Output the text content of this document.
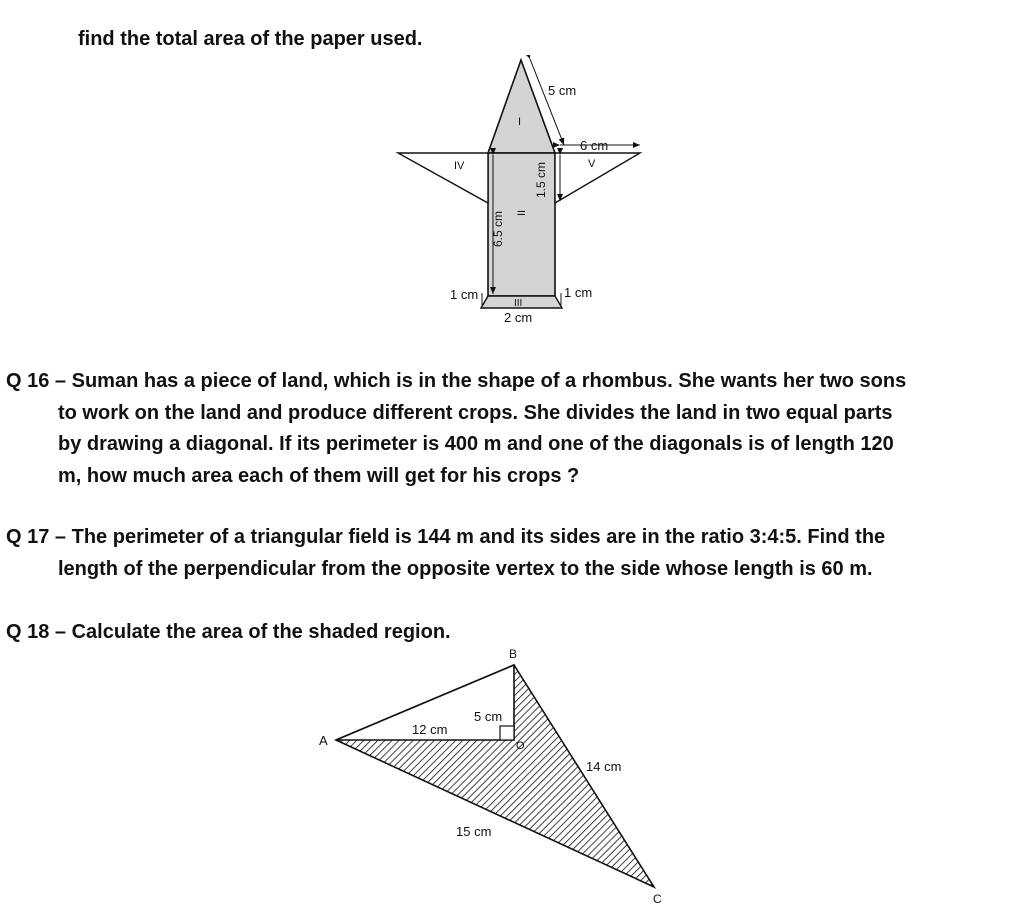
find the total area of the paper used.
5 cm
6 cm
I
IV	V
II
6.5 cm
1.5 cm
1 cm	1 cm
III
2 cm
Q 16 – Suman has a piece of land, which is in the shape of a rhombus. She wants her two sons
to work on the land and produce different crops. She divides the land in two equal parts
by drawing a diagonal. If its perimeter is 400 m and one of the diagonals is of length 120
m, how much area each of them will get for his crops ?
Q 17 – The perimeter of a triangular field is 144 m and its sides are in the ratio 3:4:5. Find the
length of the perpendicular from the opposite vertex to the side whose length is 60 m.
Q 18 – Calculate the area of the shaded region.
A
B
C
O
12 cm
5 cm
14 cm
15 cm
